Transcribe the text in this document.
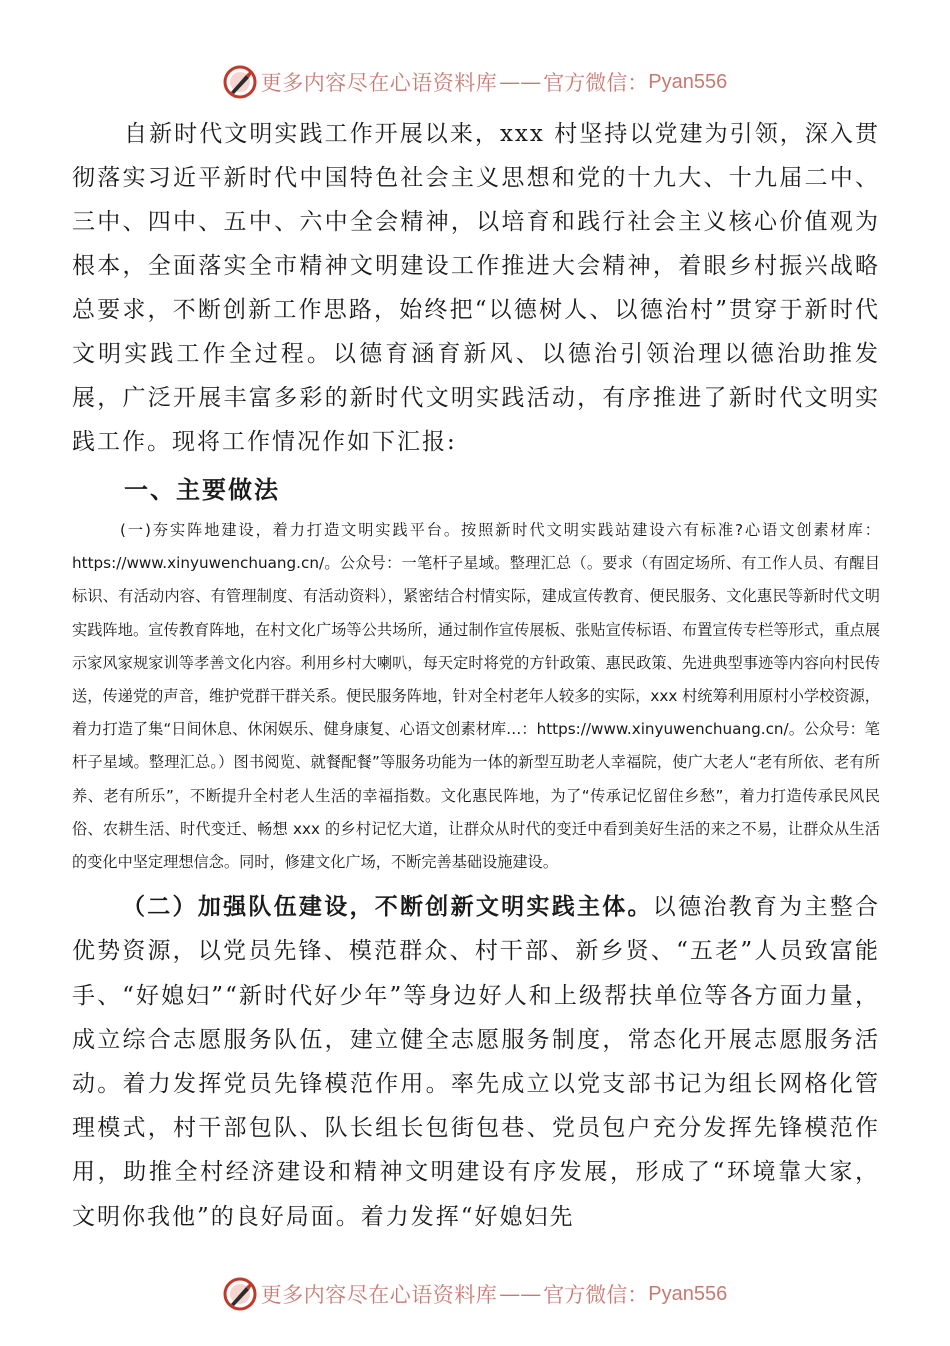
更多内容尽在心语资料库 —— 官方微信： Pyan556

自新时代文明实践工作开展以来，xxx 村坚持以党建为引领，深入贯彻落实习近平新时代中国特色社会主义思想和党的十九大、十九届二中、三中、四中、五中、六中全会精神，以培育和践行社会主义核心价值观为根本，全面落实全市精神文明建设工作推进大会精神，着眼乡村振兴战略总要求，不断创新工作思路，始终把“以德树人、以德治村”贯穿于新时代文明实践工作全过程。以德育涵育新风、以德治引领治理以德治助推发展，广泛开展丰富多彩的新时代文明实践活动，有序推进了新时代文明实践工作。现将工作情况作如下汇报:

一、主要做法

(一)夯实阵地建设，着力打造文明实践平台。按照新时代文明实践站建设六有标准?心语文创素材库：https://www.xinyuwenchuang.cn/。公众号：一笔杆子星域。整理汇总（。要求（有固定场所、有工作人员、有醒目标识、有活动内容、有管理制度、有活动资料），紧密结合村情实际，建成宣传教育、便民服务、文化惠民等新时代文明实践阵地。宣传教育阵地，在村文化广场等公共场所，通过制作宣传展板、张贴宣传标语、布置宣传专栏等形式，重点展示家风家规家训等孝善文化内容。利用乡村大喇叭，每天定时将党的方针政策、惠民政策、先进典型事迹等内容向村民传送，传递党的声音，维护党群干群关系。便民服务阵地，针对全村老年人较多的实际，xxx 村统筹利用原村小学校资源，着力打造了集“日间休息、休闲娱乐、健身康复、心语文创素材库…：https://www.xinyuwenchuang.cn/。公众号：笔杆子星域。整理汇总。）图书阅览、就餐配餐”等服务功能为一体的新型互助老人幸福院，使广大老人“老有所依、老有所养、老有所乐”，不断提升全村老人生活的幸福指数。文化惠民阵地，为了“传承记忆留住乡愁”，着力打造传承民风民俗、农耕生活、时代变迁、畅想 xxx 的乡村记忆大道，让群众从时代的变迁中看到美好生活的来之不易，让群众从生活的变化中坚定理想信念。同时，修建文化广场，不断完善基础设施建设。

（二）加强队伍建设，不断创新文明实践主体。以德治教育为主整合优势资源，以党员先锋、模范群众、村干部、新乡贤、“五老”人员致富能手、“好媳妇”“新时代好少年”等身边好人和上级帮扶单位等各方面力量，成立综合志愿服务队伍，建立健全志愿服务制度，常态化开展志愿服务活动。着力发挥党员先锋模范作用。率先成立以党支部书记为组长网格化管理模式，村干部包队、队长组长包街包巷、党员包户充分发挥先锋模范作用，助推全村经济建设和精神文明建设有序发展，形成了“环境靠大家，文明你我他”的良好局面。着力发挥“好媳妇先

更多内容尽在心语资料库 —— 官方微信： Pyan556
